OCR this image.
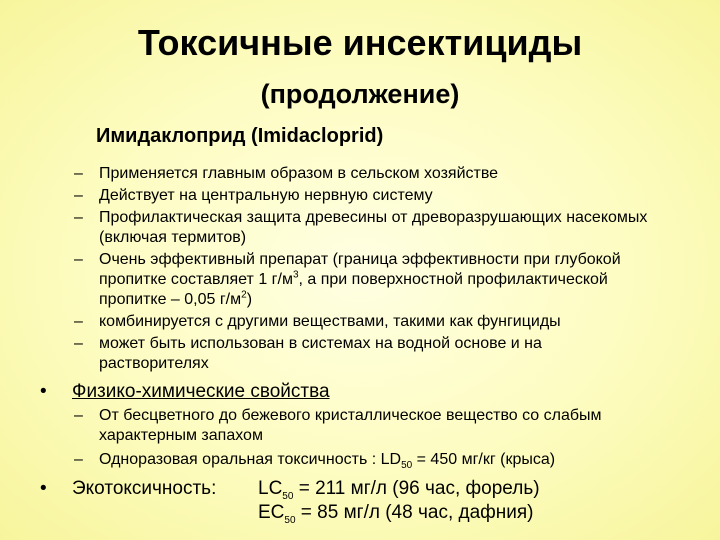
Токсичные инсектициды
(продолжение)
Имидаклоприд (Imidacloprid)
– Применяется главным образом в сельском хозяйстве
– Действует на центральную нервную систему
– Профилактическая защита древесины от древоразрушающих насекомых (включая термитов)
– Очень эффективный препарат (граница эффективности при глубокой пропитке составляет 1 $г/м^3$, а при поверхностной профилактической пропитке – 0,05 $г/м^2$)
– комбинируется с другими веществами, такими как фунгициды
– может быть использован в системах на водной основе и на растворителях
• Физико-химические свойства
– От бесцветного до бежевого кристаллическое вещество со слабым характерным запахом
– Одноразовая оральная токсичность : $LD_{50} = 450$ мг/кг (крыса)
• Экотоксичность: $LC_{50} = 211$ мг/л (96 час, форель)
$EC_{50} = 85$ мг/л (48 час, дафния)
